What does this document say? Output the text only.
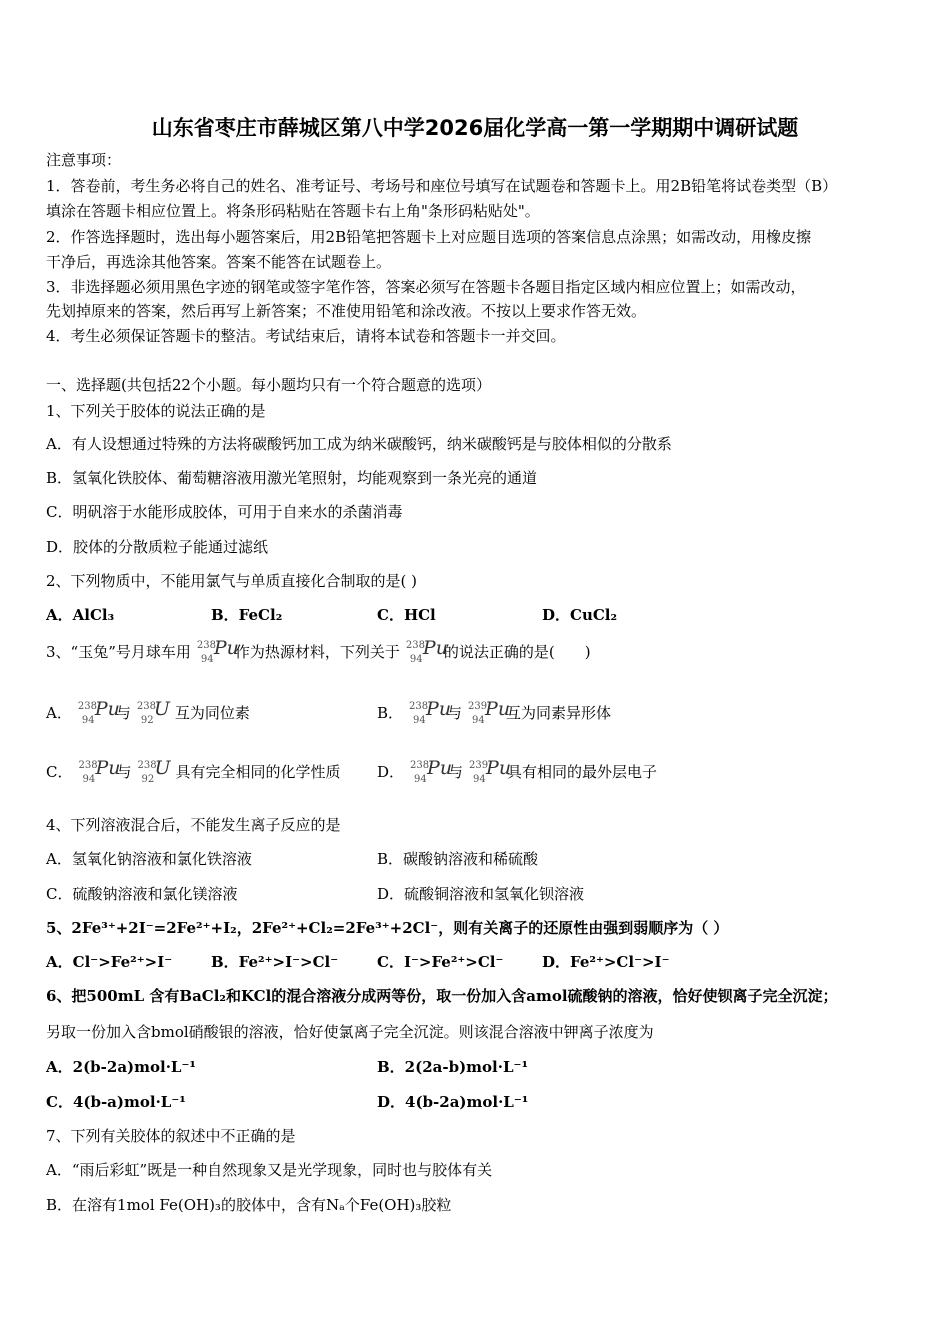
山东省枣庄市薛城区第八中学2026届化学高一第一学期期中调研试题
注意事项：
1．答卷前，考生务必将自己的姓名、准考证号、考场号和座位号填写在试题卷和答题卡上。用2B铅笔将试卷类型（B）
填涂在答题卡相应位置上。将条形码粘贴在答题卡右上角"条形码粘贴处"。
2．作答选择题时，选出每小题答案后，用2B铅笔把答题卡上对应题目选项的答案信息点涂黑；如需改动，用橡皮擦
干净后，再选涂其他答案。答案不能答在试题卷上。
3．非选择题必须用黑色字迹的钢笔或签字笔作答，答案必须写在答题卡各题目指定区域内相应位置上；如需改动，
先划掉原来的答案，然后再写上新答案；不准使用铅笔和涂改液。不按以上要求作答无效。
4．考生必须保证答题卡的整洁。考试结束后，请将本试卷和答题卡一并交回。
一、选择题(共包括22个小题。每小题均只有一个符合题意的选项）
1、下列关于胶体的说法正确的是
A．有人设想通过特殊的方法将碳酸钙加工成为纳米碳酸钙，纳米碳酸钙是与胶体相似的分散系
B．氢氧化铁胶体、葡萄糖溶液用激光笔照射，均能观察到一条光亮的通道
C．明矾溶于水能形成胶体，可用于自来水的杀菌消毒
D．胶体的分散质粒子能通过滤纸
2、下列物质中，不能用氯气与单质直接化合制取的是( )
A．AlCl₃	B．FeCl₂	C．HCl	D．CuCl₂
3、“玉兔”号月球车用 238
94
Pu
作为热源材料，下列关于 238
94
Pu
的说法正确的是(　　)
A． 238
94
Pu
与 238
92
U 互为同位素	B． 238
94
Pu
与 239
94
Pu
互为同素异形体
C． 238
94
Pu
与 238
92
U 具有完全相同的化学性质 D． 238
94
Pu
与 239
94
Pu
具有相同的最外层电子
4、下列溶液混合后，不能发生离子反应的是
A．氢氧化钠溶液和氯化铁溶液	B．碳酸钠溶液和稀硫酸
C．硫酸钠溶液和氯化镁溶液	D．硫酸铜溶液和氢氧化钡溶液
5、2Fe³⁺+2I⁻=2Fe²⁺+I₂，2Fe²⁺+Cl₂=2Fe³⁺+2Cl⁻，则有关离子的还原性由强到弱顺序为（ ）
A．Cl⁻>Fe²⁺>I⁻	B．Fe²⁺>I⁻>Cl⁻	C．I⁻>Fe²⁺>Cl⁻	D．Fe²⁺>Cl⁻>I⁻
6、把500mL 含有BaCl₂和KCl的混合溶液分成两等份，取一份加入含amol硫酸钠的溶液，恰好使钡离子完全沉淀；
另取一份加入含bmol硝酸银的溶液，恰好使氯离子完全沉淀。则该混合溶液中钾离子浓度为
A．2(b-2a)mol·L⁻¹	B．2(2a-b)mol·L⁻¹
C．4(b-a)mol·L⁻¹	D．4(b-2a)mol·L⁻¹
7、下列有关胶体的叙述中不正确的是
A．“雨后彩虹”既是一种自然现象又是光学现象，同时也与胶体有关
B．在溶有1mol Fe(OH)₃的胶体中，含有Nₐ个Fe(OH)₃胶粒
